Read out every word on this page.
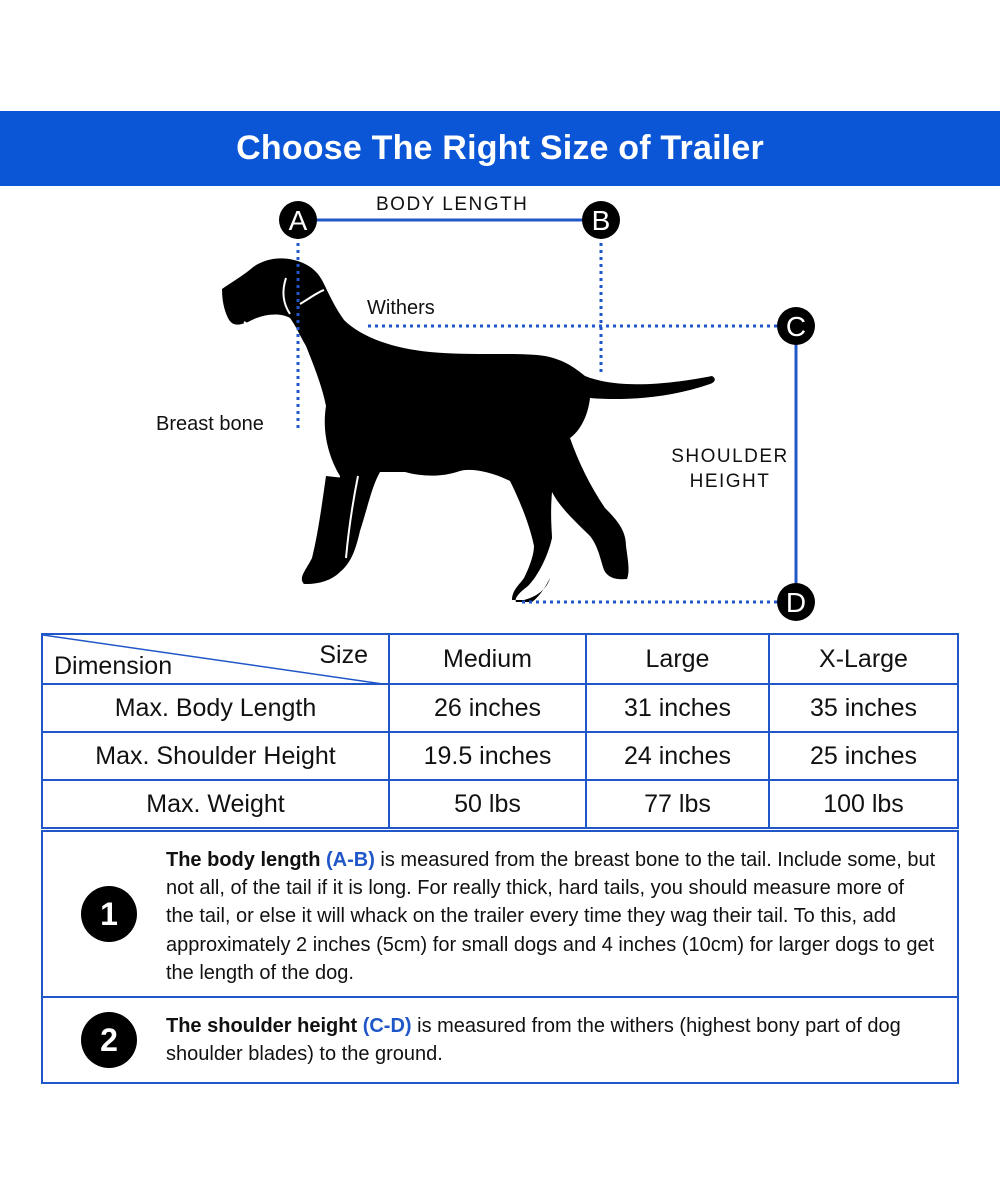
Choose The Right Size of Trailer
A	B
C
D
BODY LENGTH
Withers
Breast bone
SHOULDER
HEIGHT
Size
Dimension	Medium	Large	X-Large
Max. Body Length	26 inches	31 inches	35 inches
Max. Shoulder Height	19.5 inches	24 inches	25 inches
Max. Weight	50 lbs	77 lbs	100 lbs
1	The body length (A-B) is measured from the breast bone to the tail. Include some, but not all, of the tail if it is long. For really thick, hard tails, you should measure more of the tail, or else it will whack on the trailer every time they wag their tail. To this, add approximately 2 inches (5cm) for small dogs and 4 inches (10cm) for larger dogs to get the length of the dog.

2	The shoulder height (C-D) is measured from the withers (highest bony part of dog shoulder blades) to the ground.
